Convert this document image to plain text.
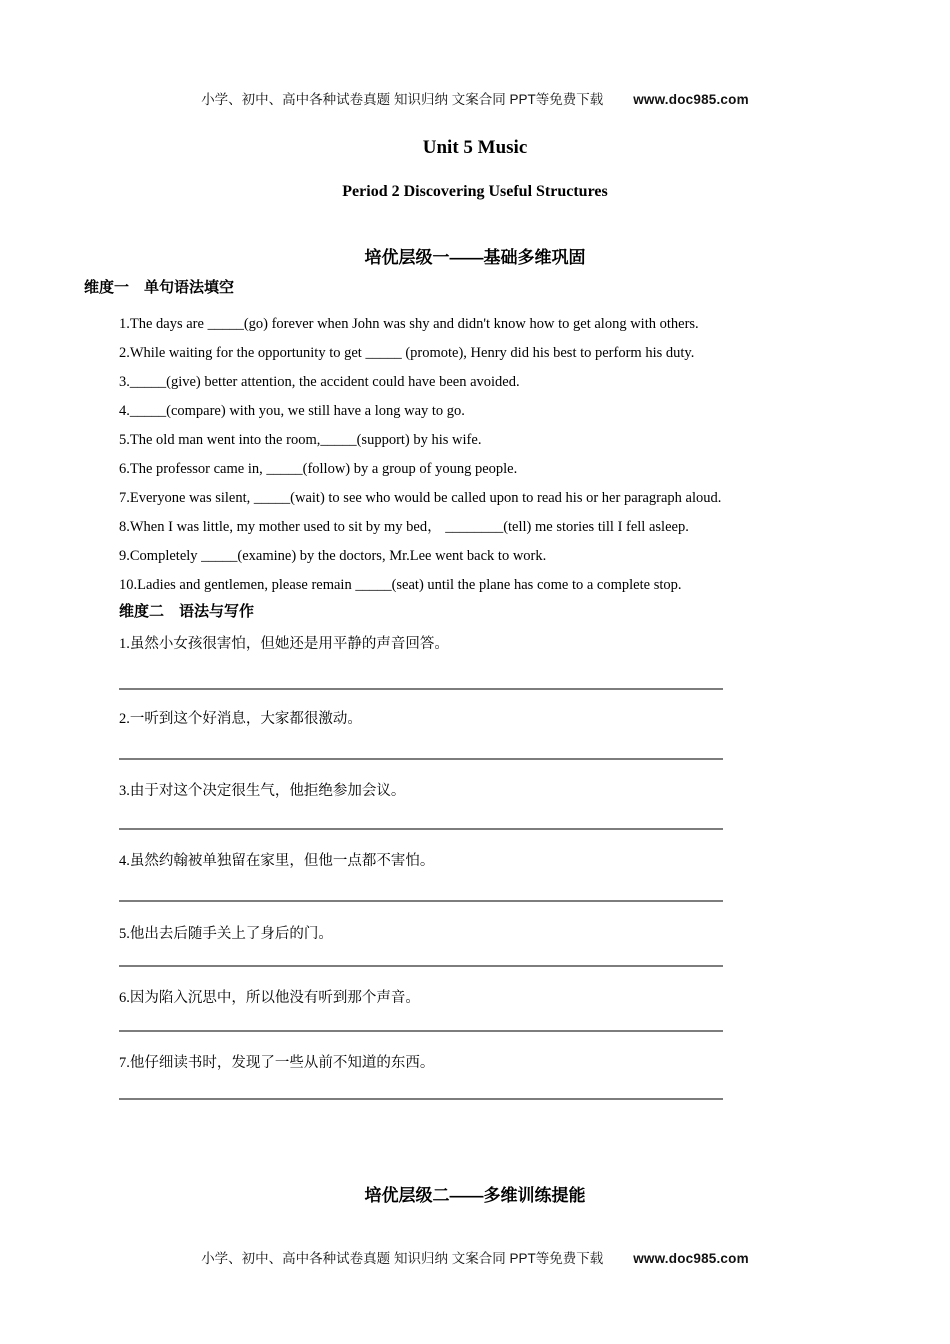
小学、初中、高中各种试卷真题 知识归纳 文案合同 PPT等免费下载 www.doc985.com
Unit 5 Music
Period 2 Discovering Useful Structures
培优层级一——基础多维巩固
维度一　单句语法填空
1.The days are _____(go) forever when John was shy and didn't know how to get along with others.
2.While waiting for the opportunity to get _____ (promote), Henry did his best to perform his duty.
3._____(give) better attention, the accident could have been avoided.
4._____(compare) with you, we still have a long way to go.
5.The old man went into the room,_____(support) by his wife.
6.The professor came in, _____(follow) by a group of young people.
7.Everyone was silent, _____(wait) to see who would be called upon to read his or her paragraph aloud.
8.When I was little, my mother used to sit by my bed， ________(tell) me stories till I fell asleep.
9.Completely _____(examine) by the doctors, Mr.Lee went back to work.
10.Ladies and gentlemen, please remain _____(seat) until the plane has come to a complete stop.
维度二　语法与写作
1.虽然小女孩很害怕，但她还是用平静的声音回答。
2.一听到这个好消息，大家都很激动。
3.由于对这个决定很生气，他拒绝参加会议。
4.虽然约翰被单独留在家里，但他一点都不害怕。
5.他出去后随手关上了身后的门。
6.因为陷入沉思中，所以他没有听到那个声音。
7.他仔细读书时，发现了一些从前不知道的东西。
培优层级二——多维训练提能
小学、初中、高中各种试卷真题 知识归纳 文案合同 PPT等免费下载 www.doc985.com
